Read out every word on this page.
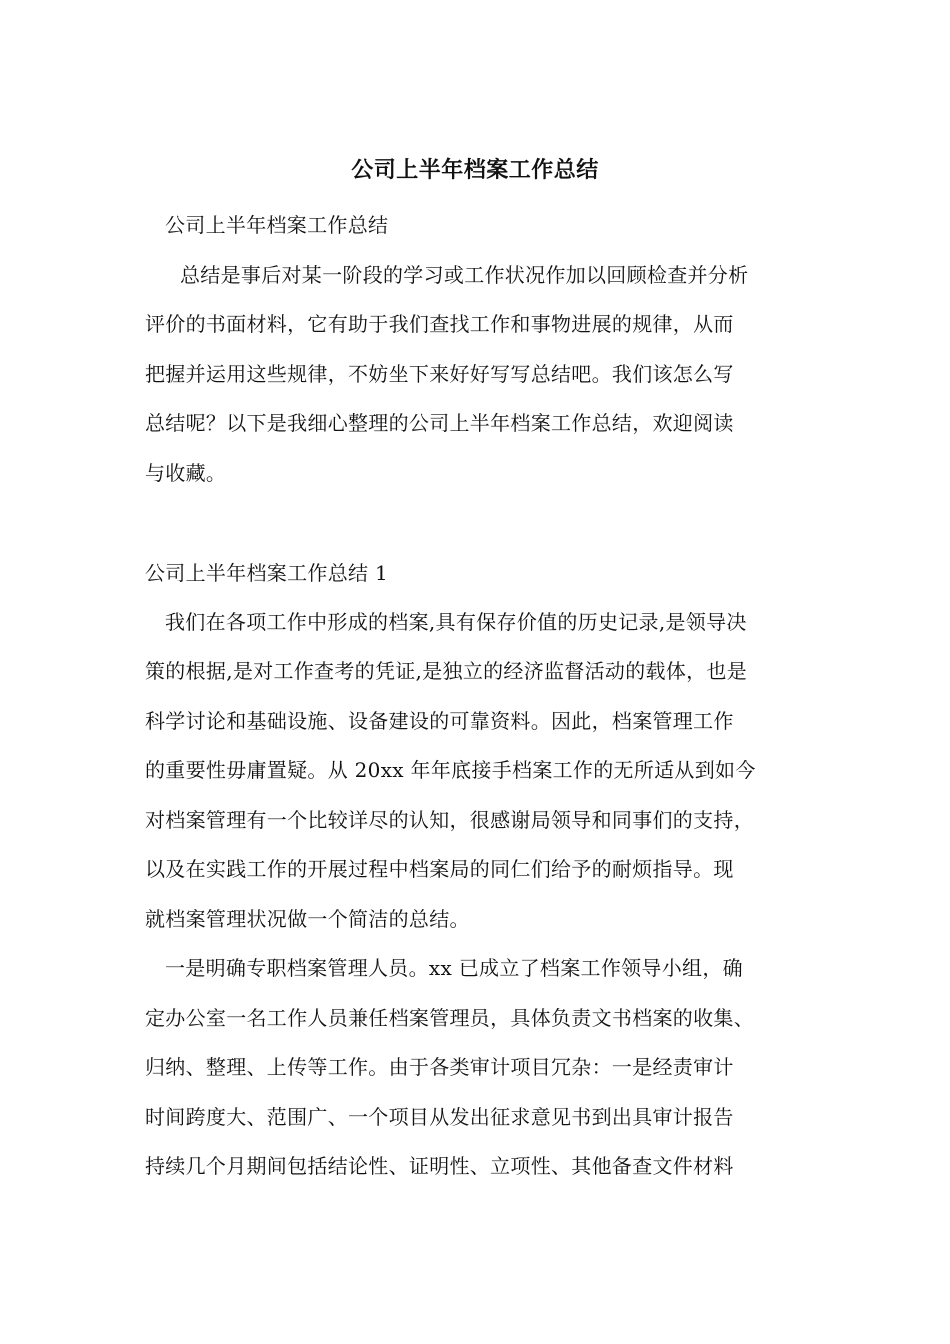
公司上半年档案工作总结
公司上半年档案工作总结
总结是事后对某一阶段的学习或工作状况作加以回顾检查并分析
评价的书面材料，它有助于我们查找工作和事物进展的规律，从而
把握并运用这些规律，不妨坐下来好好写写总结吧。我们该怎么写
总结呢？以下是我细心整理的公司上半年档案工作总结，欢迎阅读
与收藏。
公司上半年档案工作总结 1
我们在各项工作中形成的档案,具有保存价值的历史记录,是领导决
策的根据,是对工作查考的凭证,是独立的经济监督活动的载体，也是
科学讨论和基础设施、设备建设的可靠资料。因此，档案管理工作
的重要性毋庸置疑。从 20xx 年年底接手档案工作的无所适从到如今
对档案管理有一个比较详尽的认知，很感谢局领导和同事们的支持，
以及在实践工作的开展过程中档案局的同仁们给予的耐烦指导。现
就档案管理状况做一个简洁的总结。
一是明确专职档案管理人员。xx 已成立了档案工作领导小组，确
定办公室一名工作人员兼任档案管理员，具体负责文书档案的收集、
归纳、整理、上传等工作。由于各类审计项目冗杂：一是经责审计
时间跨度大、范围广、一个项目从发出征求意见书到出具审计报告
持续几个月期间包括结论性、证明性、立项性、其他备查文件材料
